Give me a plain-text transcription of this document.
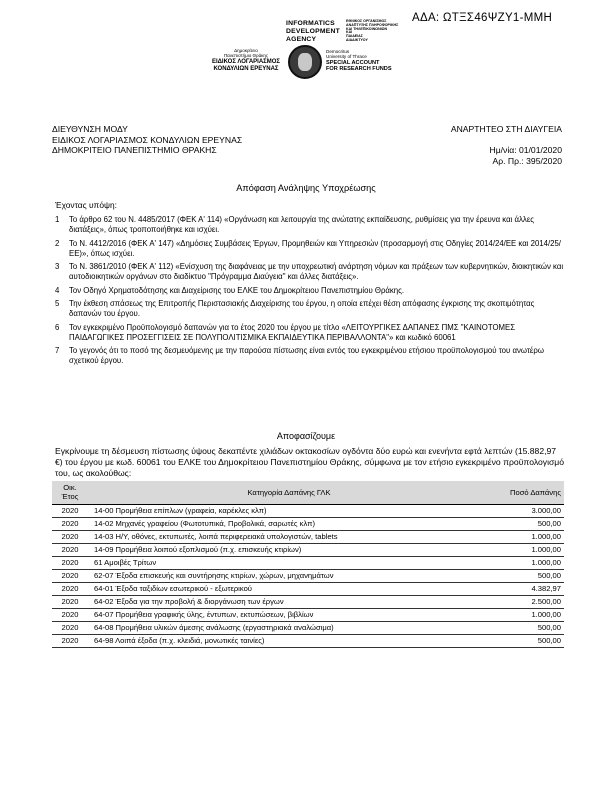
ΑΔΑ: ΩΤΞΣ46ΨΖΥ1-ΜΜΗ
INFORMATICS
DEVELOPMENT
AGENCY
ΕΘΝΙΚΟΣ ΟΡΓΑΝΙΣΜΟΣ
ΑΝΑΠΤΥΞΗΣ ΠΛΗΡΟΦΟΡΙΚΗΣ
ΚΑΙ ΤΗΛΕΠΙΚΟΙΝΩΝΙΩΝ
ΚΑΙ
ΠΑΙΔΕΙΑΣ
ΔΙΑΔΙΚΤΥΟΥ
Δημοκρίτειο
Πανεπιστήμιο Θράκης
ΕΙΔΙΚΟΣ ΛΟΓΑΡΙΑΣΜΟΣ
ΚΟΝΔΥΛΙΩΝ ΕΡΕΥΝΑΣ
Democritus
University of Thrace
SPECIAL ACCOUNT
FOR RESEARCH FUNDS
ΔΙΕΥΘΥΝΣΗ ΜΟΔΥ
ΕΙΔΙΚΟΣ ΛΟΓΑΡΙΑΣΜΟΣ ΚΟΝΔΥΛΙΩΝ ΕΡΕΥΝΑΣ
ΔΗΜΟΚΡΙΤΕΙΟ ΠΑΝΕΠΙΣΤΗΜΙΟ ΘΡΑΚΗΣ
ΑΝΑΡΤΗΤΕΟ ΣΤΗ ΔΙΑΥΓΕΙΑ
Ημ/νία: 01/01/2020
Αρ. Πρ.: 395/2020
Απόφαση Ανάληψης Υποχρέωσης
Έχοντας υπόψη:
1 Το άρθρο 62 του Ν. 4485/2017 (ΦΕΚ Α' 114) «Οργάνωση και λειτουργία της ανώτατης εκπαίδευσης, ρυθμίσεις για την έρευνα και άλλες διατάξεις», όπως τροποποιήθηκε και ισχύει.
2 Το Ν. 4412/2016 (ΦΕΚ Α' 147) «Δημόσιες Συμβάσεις Έργων, Προμηθειών και Υπηρεσιών (προσαρμογή στις Οδηγίες 2014/24/ΕΕ και 2014/25/ΕΕ)», όπως ισχύει.
3 Το Ν. 3861/2010 (ΦΕΚ Α' 112) «Ενίσχυση της διαφάνειας με την υποχρεωτική ανάρτηση νόμων και πράξεων των κυβερνητικών, διοικητικών και αυτοδιοικητικών οργάνων στο διαδίκτυο "Πρόγραμμα Διαύγεια" και άλλες διατάξεις».
4 Τον Οδηγό Χρηματοδότησης και Διαχείρισης του ΕΛΚΕ του Δημοκρίτειου Πανεπιστημίου Θράκης.
5 Την έκθεση σπάσεως της Επιτροπής Περιστασιακής Διαχείρισης του έργου, η οποία επέχει θέση απόφασης έγκρισης της σκοπιμότητας δαπανών του έργου.
6 Τον εγκεκριμένο Προϋπολογισμό δαπανών για το έτος 2020 του έργου με τίτλο «ΛΕΙΤΟΥΡΓΙΚΕΣ ΔΑΠΑΝΕΣ ΠΜΣ "ΚΑΙΝΟΤΟΜΕΣ ΠΑΙΔΑΓΩΓΙΚΕΣ ΠΡΟΣΕΓΓΙΣΕΙΣ ΣΕ ΠΟΛΥΠΟΛΙΤΙΣΜΙΚΑ ΕΚΠΑΙΔΕΥΤΙΚΑ ΠΕΡΙΒΑΛΛΟΝΤΑ"» και κωδικό 60061
7 Το γεγονός ότι το ποσό της δεσμευόμενης με την παρούσα πίστωσης είναι εντός του εγκεκριμένου ετήσιου προϋπολογισμού του ανωτέρω σχετικού έργου.
Αποφασίζουμε
Εγκρίνουμε τη δέσμευση πίστωσης ύψους δεκαπέντε χιλιάδων οκτακοσίων ογδόντα δύο ευρώ και ενενήντα εφτά λεπτών (15.882,97 €) του έργου με κωδ. 60061 του ΕΛΚΕ του Δημοκρίτειου Πανεπιστημίου Θράκης, σύμφωνα με τον ετήσιο εγκεκριμένο προϋπολογισμό του, ως ακολούθως:
Οικ. Έτος	Κατηγορία Δαπάνης ΓΛΚ	Ποσό Δαπάνης
2020	14-00 Προμήθεια επίπλων (γραφεία, καρέκλες κλπ)	3.000,00
2020	14-02 Μηχανές γραφείου (Φωτοτυπικά, Προβολικά, σαρωτές κλπ)	500,00
2020	14-03 Η/Υ, οθόνες, εκτυπωτές, λοιπά περιφερειακά υπολογιστών, tablets	1.000,00
2020	14-09 Προμήθεια λοιπού εξοπλισμού (π.χ. επισκευής κτιρίων)	1.000,00
2020	61 Αμοιβές Τρίτων	1.000,00
2020	62-07 Έξοδα επισκευής και συντήρησης κτιρίων, χώρων, μηχανημάτων	500,00
2020	64-01 Έξοδα ταξιδίων εσωτερικού - εξωτερικού	4.382,97
2020	64-02 Έξοδα για την προβολή & διοργάνωση των έργων	2.500,00
2020	64-07 Προμήθεια γραφικής ύλης, έντυπων, εκτυπώσεων, βιβλίων	1.000,00
2020	64-08 Προμήθεια υλικών άμεσης ανάλωσης (εργαστηριακά αναλώσιμα)	500,00
2020	64-98 Λοιπά έξοδα (π.χ. κλειδιά, μονωτικές ταινίες)	500,00
